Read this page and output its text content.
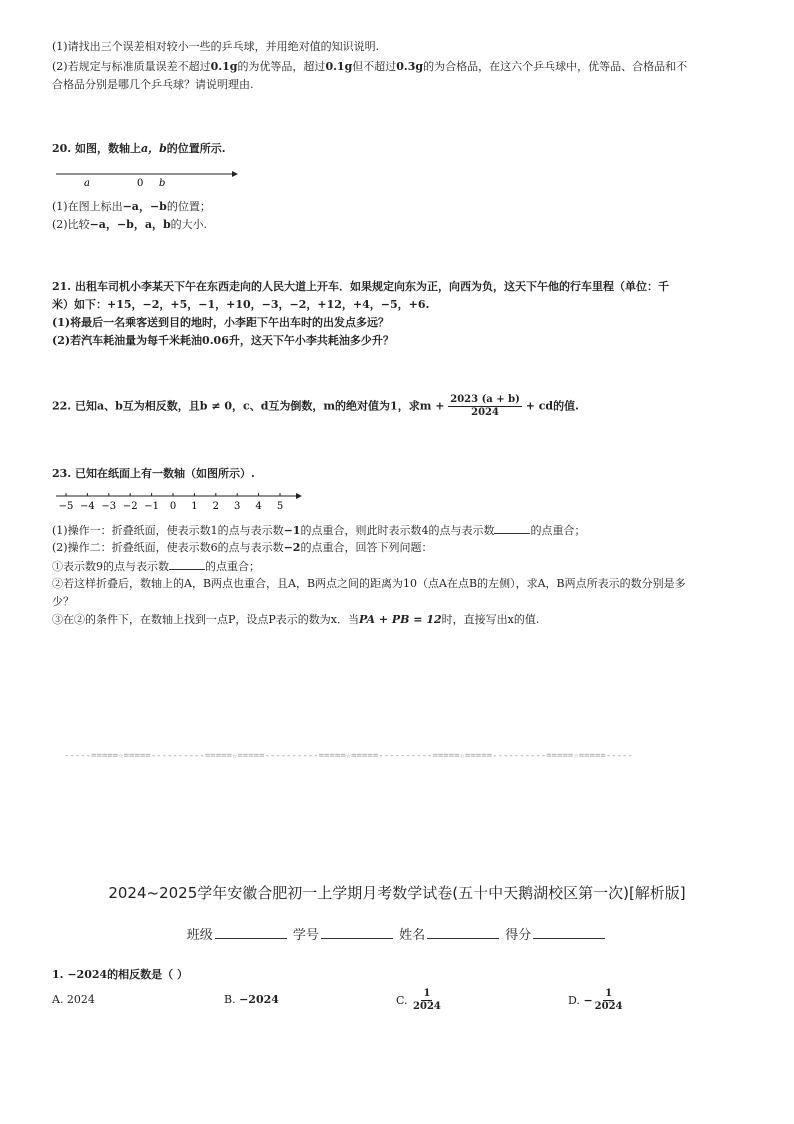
(1)请找出三个误差相对较小一些的乒乓球，并用绝对值的知识说明.
(2)若规定与标准质量误差不超过0.1g的为优等品，超过0.1g但不超过0.3g的为合格品，在这六个乒乓球中，优等品、合格品和不
合格品分别是哪几个乒乓球？请说明理由.
20. 如图，数轴上a，b的位置所示.
a	0 b
(1)在图上标出−a，−b的位置；
(2)比较−a，−b，a，b的大小.
21. 出租车司机小李某天下午在东西走向的人民大道上开车．如果规定向东为正，向西为负，这天下午他的行车里程（单位：千
米）如下：+15，−2，+5，−1，+10，−3，−2，+12，+4，−5，+6.
(1)将最后一名乘客送到目的地时，小李距下午出车时的出发点多远？
(2)若汽车耗油量为每千米耗油0.06升，这天下午小李共耗油多少升？
22. 已知a、b互为相反数，且b ≠ 0，c、d互为倒数，m的绝对值为1，求$m + \frac{2023 (a + b)}{2024}$ + cd的值.
23. 已知在纸面上有一数轴（如图所示）.
−5 −4 −3 −2 −1 0 1 2 3 4 5
(1)操作一：折叠纸面，使表示数1的点与表示数−1的点重合，则此时表示数4的点与表示数	的点重合；
(2)操作二：折叠纸面，使表示数6的点与表示数−2的点重合，回答下列问题：
①表示数9的点与表示数	的点重合；
②若这样折叠后，数轴上的A，B两点也重合，且A，B两点之间的距离为10（点A在点B的左侧），求A，B两点所表示的数分别是多
少？
③在②的条件下，在数轴上找到一点P，设点P表示的数为x．当PA + PB = 12时，直接写出x的值.
-----=====☆=====----------=====☆=====----------=====☆=====----------=====☆=====----------=====☆=====-----
2024~2025学年安徽合肥初一上学期月考数学试卷(五十中天鹅湖校区第一次)[解析版]
班级	学号	姓名	得分
1. −2024的相反数是（ ）
A. 2024	B. −2024	C. $\frac{1}{2024}$	D. − $\frac{1}{2024}$
